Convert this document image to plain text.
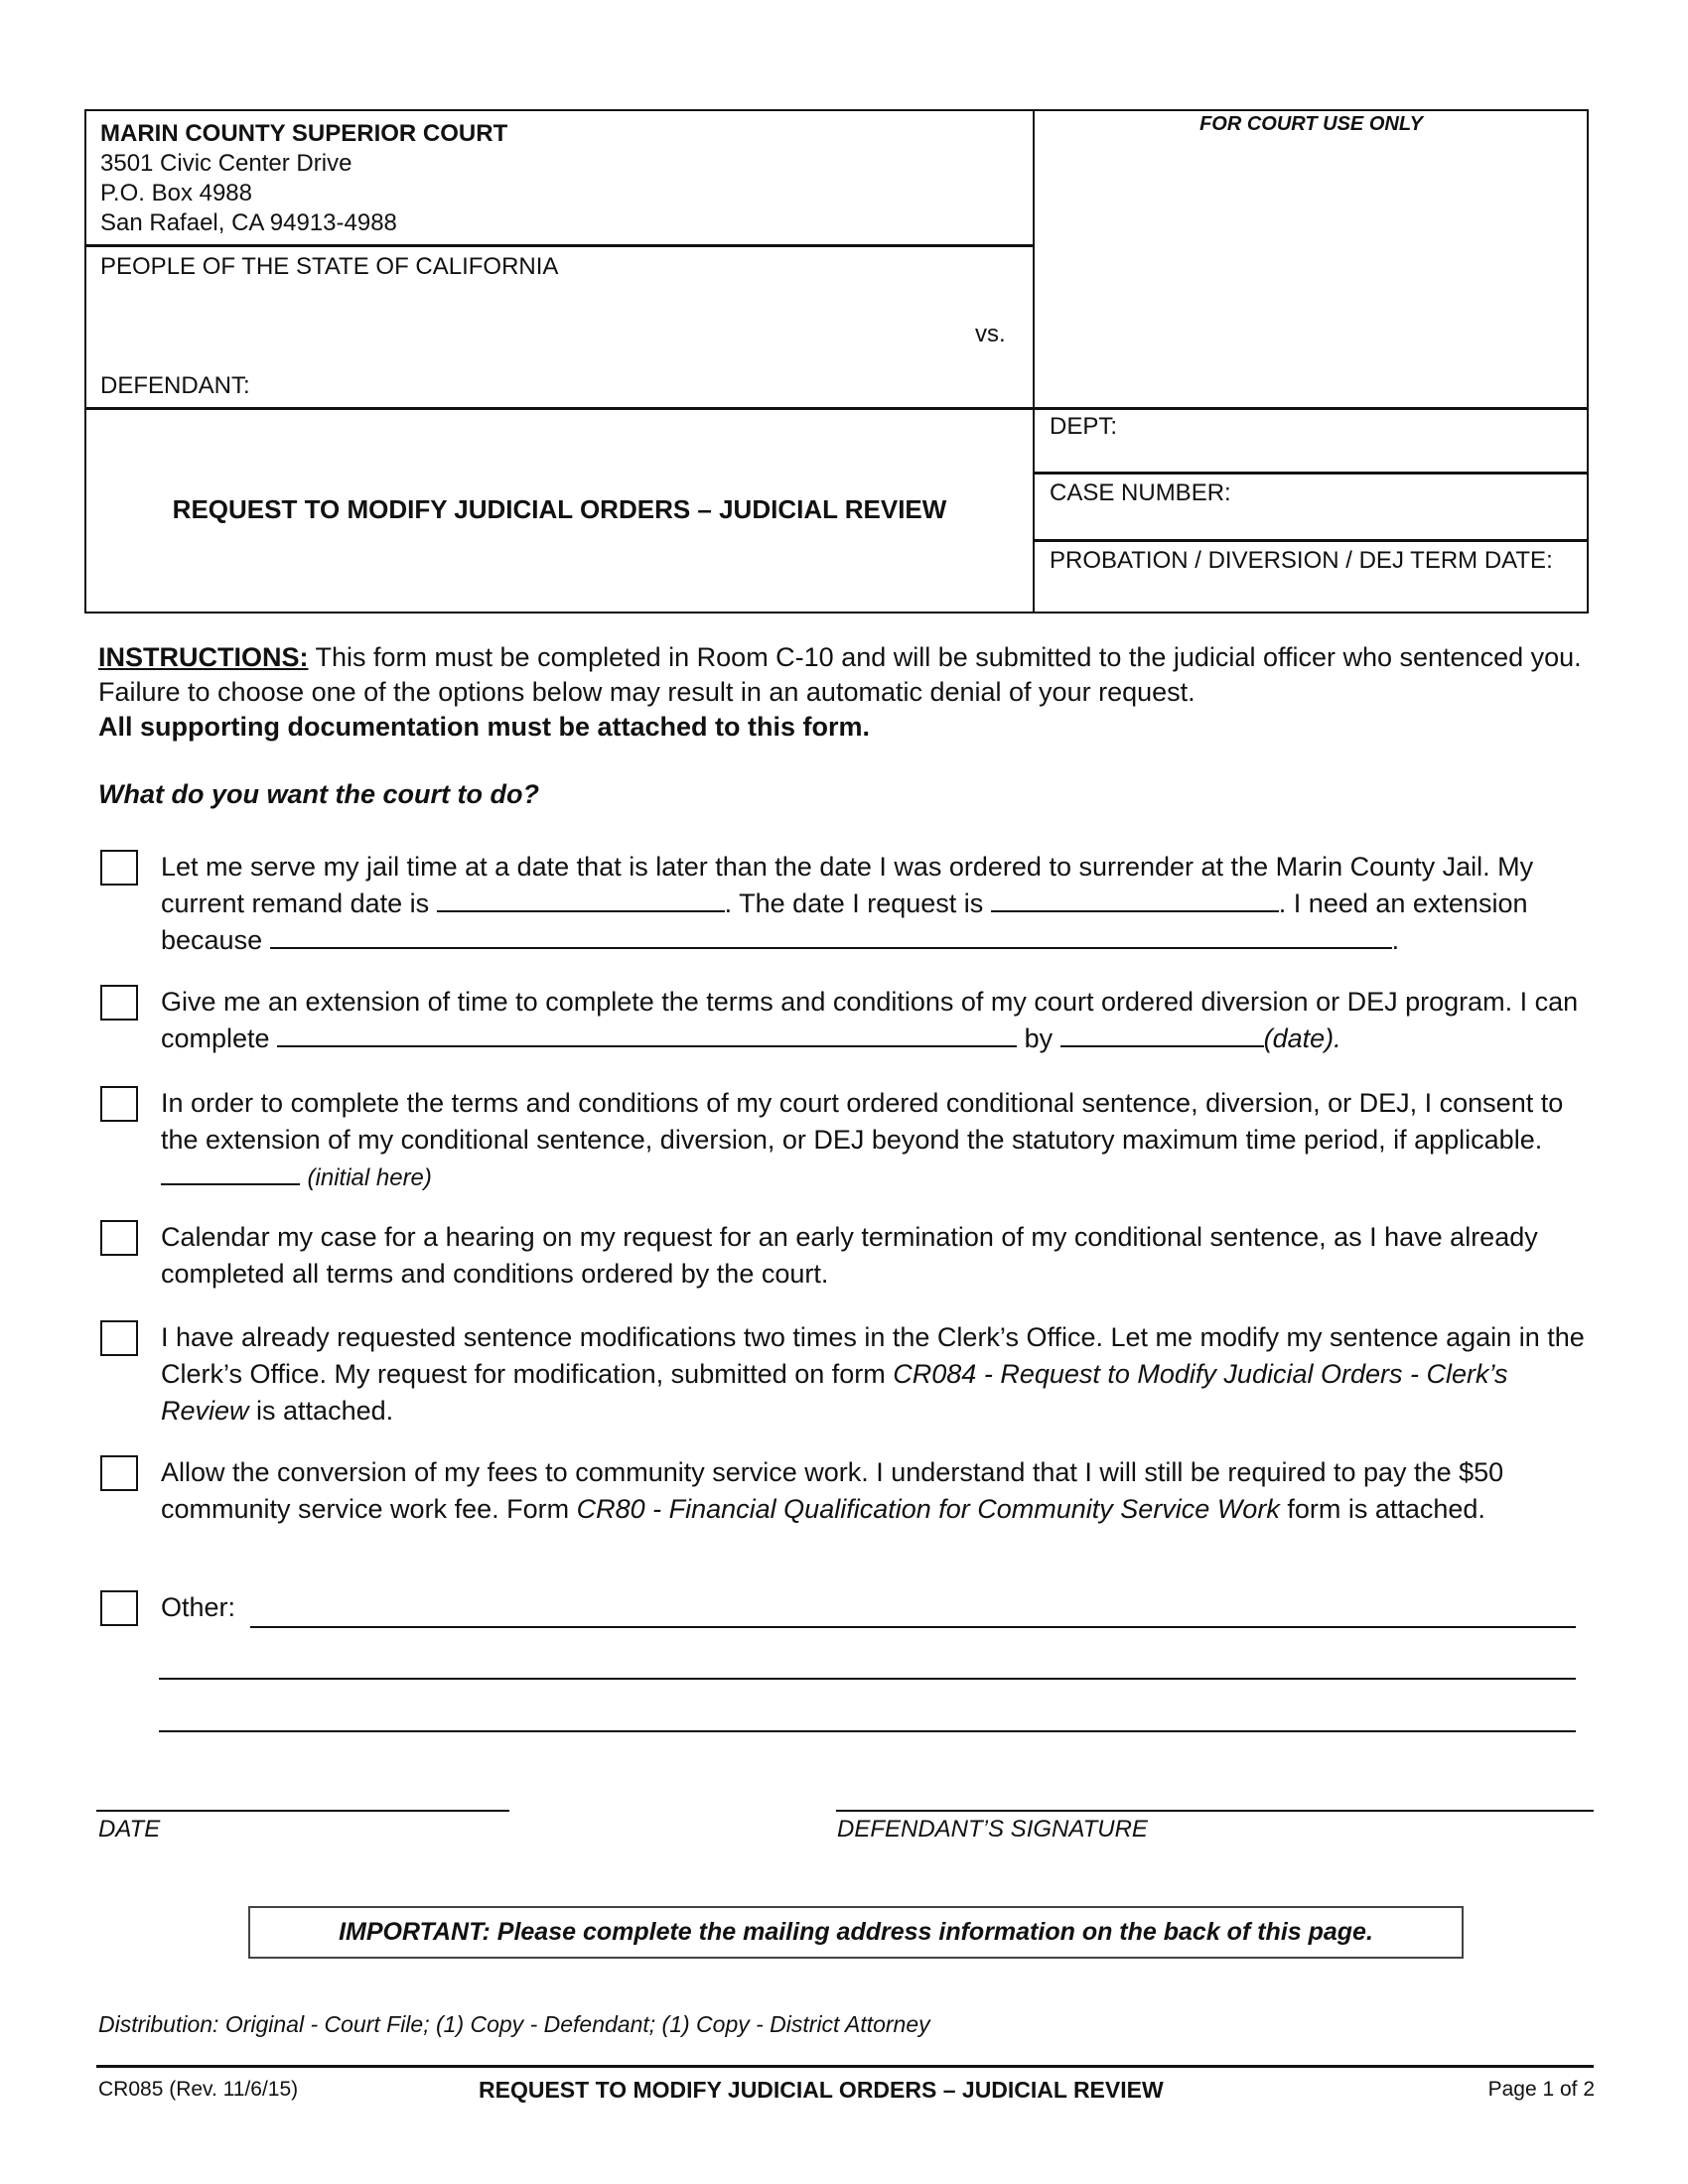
MARIN COUNTY SUPERIOR COURT
3501 Civic Center Drive
P.O. Box 4988
San Rafael, CA 94913-4988
FOR COURT USE ONLY
PEOPLE OF THE STATE OF CALIFORNIA
vs.
DEFENDANT:
REQUEST TO MODIFY JUDICIAL ORDERS – JUDICIAL REVIEW
DEPT:
CASE NUMBER:
PROBATION / DIVERSION / DEJ TERM DATE:
INSTRUCTIONS: This form must be completed in Room C-10 and will be submitted to the judicial officer who sentenced you. Failure to choose one of the options below may result in an automatic denial of your request.
All supporting documentation must be attached to this form.
What do you want the court to do?
Let me serve my jail time at a date that is later than the date I was ordered to surrender at the Marin County Jail. My current remand date is	. The date I request is	. I need an extension because	.
Give me an extension of time to complete the terms and conditions of my court ordered diversion or DEJ program. I can complete	by	(date).
In order to complete the terms and conditions of my court ordered conditional sentence, diversion, or DEJ, I consent to the extension of my conditional sentence, diversion, or DEJ beyond the statutory maximum time period, if applicable.  (initial here)
Calendar my case for a hearing on my request for an early termination of my conditional sentence, as I have already completed all terms and conditions ordered by the court.
I have already requested sentence modifications two times in the Clerk’s Office. Let me modify my sentence again in the Clerk’s Office. My request for modification, submitted on form CR084 - Request to Modify Judicial Orders - Clerk’s Review is attached.
Allow the conversion of my fees to community service work. I understand that I will still be required to pay the $50 community service work fee. Form CR80 - Financial Qualification for Community Service Work form is attached.
Other:
DATE	DEFENDANT’S SIGNATURE
IMPORTANT: Please complete the mailing address information on the back of this page.
Distribution: Original - Court File; (1) Copy - Defendant; (1) Copy - District Attorney
CR085 (Rev. 11/6/15)	REQUEST TO MODIFY JUDICIAL ORDERS – JUDICIAL REVIEW	Page 1 of 2
